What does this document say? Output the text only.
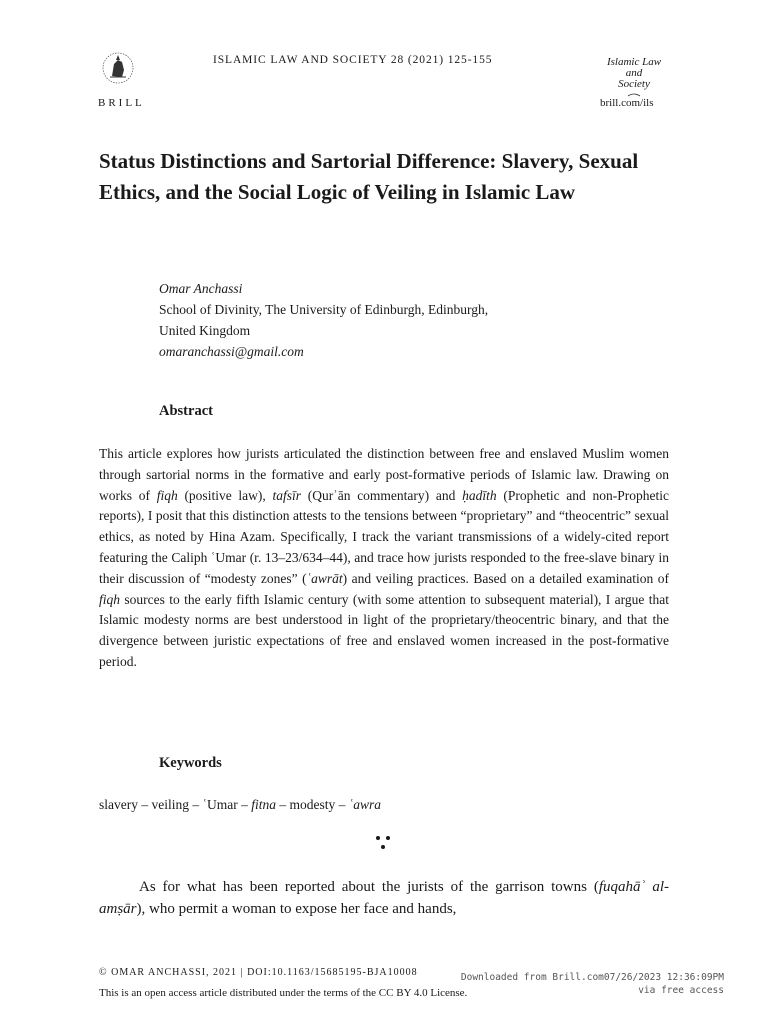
BRILL
ISLAMIC LAW AND SOCIETY 28 (2021) 125-155	Islamic Law
and
Society
brill.com/ils
Status Distinctions and Sartorial Difference: Slavery, Sexual Ethics, and the Social Logic of Veiling in Islamic Law
Omar Anchassi
School of Divinity, The University of Edinburgh, Edinburgh,
United Kingdom
omaranchassi@gmail.com
Abstract
This article explores how jurists articulated the distinction between free and enslaved Muslim women through sartorial norms in the formative and early post-formative periods of Islamic law. Drawing on works of fiqh (positive law), tafsīr (Qurʾān commentary) and ḥadīth (Prophetic and non-Prophetic reports), I posit that this distinction attests to the tensions between “proprietary” and “theocentric” sexual ethics, as noted by Hina Azam. Specifically, I track the variant transmissions of a widely-cited report featuring the Caliph ʿUmar (r. 13–23/634–44), and trace how jurists responded to the free-slave binary in their discussion of “modesty zones” (ʿawrāt) and veiling practices. Based on a detailed examination of fiqh sources to the early fifth Islamic century (with some attention to subsequent material), I argue that Islamic modesty norms are best understood in light of the proprietary/theocentric binary, and that the divergence between juristic expectations of free and enslaved women increased in the post-formative period.
Keywords
slavery – veiling – ʿUmar – fitna – modesty – ʿawra
As for what has been reported about the jurists of the garrison towns (fuqahāʾ al-amṣār), who permit a woman to expose her face and hands,
© OMAR ANCHASSI, 2021 | DOI:10.1163/15685195-BJA10008
This is an open access article distributed under the terms of the CC BY 4.0 License.
Downloaded from Brill.com07/26/2023 12:36:09PM
via free access
